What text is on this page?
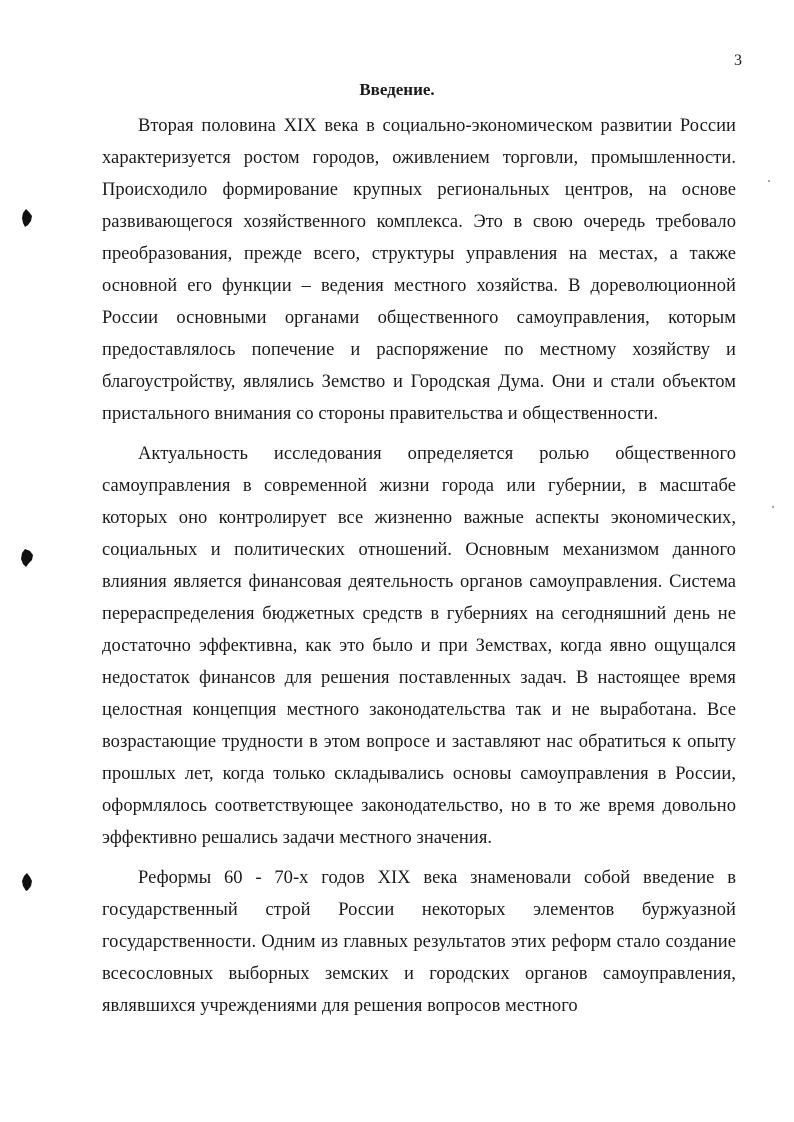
3
Введение.

Вторая половина XIX века в социально-экономическом развитии России характеризуется ростом городов, оживлением торговли, промышленности. Происходило формирование крупных региональных центров, на основе развивающегося хозяйственного комплекса. Это в свою очередь требовало преобразования, прежде всего, структуры управления на местах, а также основной его функции – ведения местного хозяйства. В дореволюционной России основными органами общественного самоуправления, которым предоставлялось попечение и распоряжение по местному хозяйству и благоустройству, являлись Земство и Городская Дума. Они и стали объектом пристального внимания со стороны правительства и общественности.

Актуальность исследования определяется ролью общественного самоуправления в современной жизни города или губернии, в масштабе которых оно контролирует все жизненно важные аспекты экономических, социальных и политических отношений. Основным механизмом данного влияния является финансовая деятельность органов самоуправления. Система перераспределения бюджетных средств в губерниях на сегодняшний день не достаточно эффективна, как это было и при Земствах, когда явно ощущался недостаток финансов для решения поставленных задач. В настоящее время целостная концепция местного законодательства так и не выработана. Все возрастающие трудности в этом вопросе и заставляют нас обратиться к опыту прошлых лет, когда только складывались основы самоуправления в России, оформлялось соответствующее законодательство, но в то же время довольно эффективно решались задачи местного значения.

Реформы 60 - 70-х годов XIX века знаменовали собой введение в государственный строй России некоторых элементов буржуазной государственности. Одним из главных результатов этих реформ стало создание всесословных выборных земских и городских органов самоуправления, являвшихся учреждениями для решения вопросов местного
